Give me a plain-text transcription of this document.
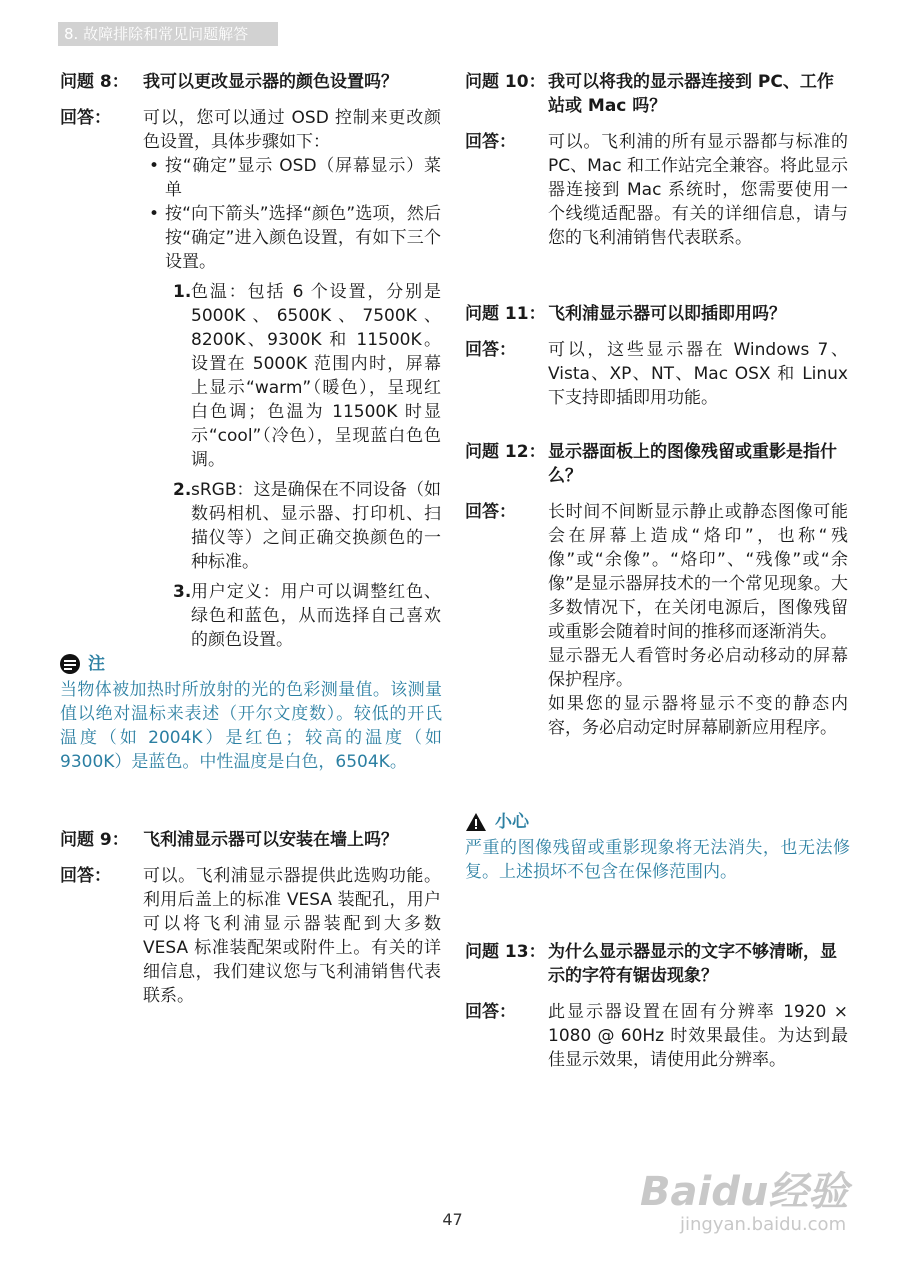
8. 故障排除和常见问题解答
问题 8： 我可以更改显示器的颜色设置吗？
回答：	可以，您可以通过 OSD 控制来更改颜色设置，具体步骤如下：
• 按“确定”显示 OSD（屏幕显示）菜单
• 按“向下箭头”选择“颜色”选项，然后按“确定”进入颜色设置，有如下三个设置。
1. 色温：包括 6 个设置，分别是 5000K、6500K、7500K、8200K、9300K 和 11500K。设置在 5000K 范围内时，屏幕上显示“warm”（暖色），呈现红白色调；色温为 11500K 时显示“cool”（冷色），呈现蓝白色色调。
2. sRGB：这是确保在不同设备（如数码相机、显示器、打印机、扫描仪等）之间正确交换颜色的一种标准。
3. 用户定义：用户可以调整红色、绿色和蓝色，从而选择自己喜欢的颜色设置。
注
当物体被加热时所放射的光的色彩测量值。该测量值以绝对温标来表述（开尔文度数）。较低的开氏温度（如 2004K）是红色；较高的温度（如 9300K）是蓝色。中性温度是白色，6504K。
问题 9： 飞利浦显示器可以安装在墙上吗？
回答：	可以。飞利浦显示器提供此选购功能。利用后盖上的标准 VESA 装配孔，用户可以将飞利浦显示器装配到大多数 VESA 标准装配架或附件上。有关的详细信息，我们建议您与飞利浦销售代表联系。
问题 10： 我可以将我的显示器连接到 PC、工作站或 Mac 吗？
回答：	可以。飞利浦的所有显示器都与标准的 PC、Mac 和工作站完全兼容。将此显示器连接到 Mac 系统时，您需要使用一个线缆适配器。有关的详细信息，请与您的飞利浦销售代表联系。
问题 11： 飞利浦显示器可以即插即用吗？
回答：	可以，这些显示器在 Windows 7、Vista、XP、NT、Mac OSX 和 Linux 下支持即插即用功能。
问题 12： 显示器面板上的图像残留或重影是指什么？
回答：	长时间不间断显示静止或静态图像可能会在屏幕上造成“烙印”，也称“残像”或“余像”。“烙印”、“残像”或“余像”是显示器屏技术的一个常见现象。大多数情况下，在关闭电源后，图像残留或重影会随着时间的推移而逐渐消失。
显示器无人看管时务必启动移动的屏幕保护程序。
如果您的显示器将显示不变的静态内容，务必启动定时屏幕刷新应用程序。
小心
严重的图像残留或重影现象将无法消失，也无法修复。上述损坏不包含在保修范围内。
问题 13： 为什么显示器显示的文字不够清晰，显示的字符有锯齿现象？
回答：	此显示器设置在固有分辨率 1920 × 1080 @ 60Hz 时效果最佳。为达到最佳显示效果，请使用此分辨率。
Baidu经验
jingyan.baidu.com
47
